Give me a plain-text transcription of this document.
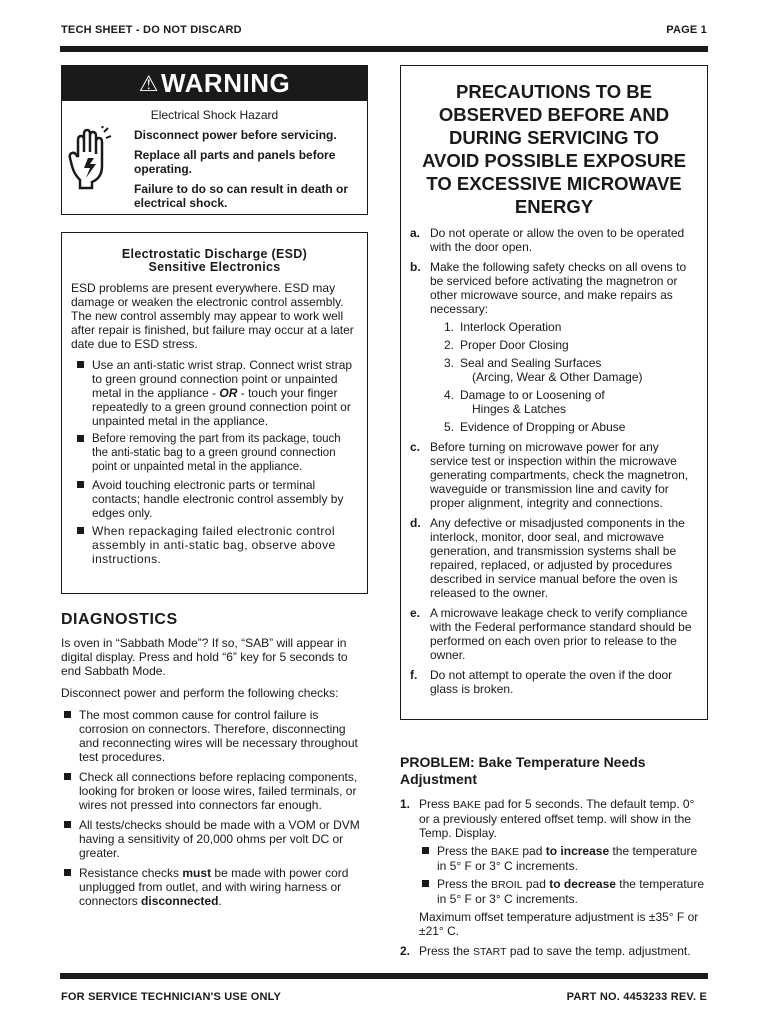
TECH SHEET - DO NOT DISCARD	PAGE 1
⚠ WARNING
Electrical Shock Hazard

Disconnect power before servicing.

Replace all parts and panels before operating.

Failure to do so can result in death or electrical shock.

Electrostatic Discharge (ESD)
Sensitive Electronics
ESD problems are present everywhere. ESD may damage or weaken the electronic control assembly. The new control assembly may appear to work well after repair is finished, but failure may occur at a later date due to ESD stress.
Use an anti-static wrist strap. Connect wrist strap to green ground connection point or unpainted metal in the appliance - OR - touch your finger repeatedly to a green ground connection point or unpainted metal in the appliance.
Before removing the part from its package, touch the anti-static bag to a green ground connection point or unpainted metal in the appliance.
Avoid touching electronic parts or terminal contacts; handle electronic control assembly by edges only.
When repackaging failed electronic control assembly in anti-static bag, observe above instructions.
DIAGNOSTICS

Is oven in “Sabbath Mode”? If so, “SAB” will appear in digital display. Press and hold “6” key for 5 seconds to end Sabbath Mode.

Disconnect power and perform the following checks:

The most common cause for control failure is corrosion on connectors. Therefore, disconnecting and reconnecting wires will be necessary throughout test procedures.
Check all connections before replacing components, looking for broken or loose wires, failed terminals, or wires not pressed into connectors far enough.
All tests/checks should be made with a VOM or DVM having a sensitivity of 20,000 ohms per volt DC or greater.
Resistance checks must be made with power cord unplugged from outlet, and with wiring harness or connectors disconnected.
PRECAUTIONS TO BE OBSERVED BEFORE AND DURING SERVICING TO AVOID POSSIBLE EXPOSURE TO EXCESSIVE MICROWAVE ENERGY
a. Do not operate or allow the oven to be operated with the door open.
b. Make the following safety checks on all ovens to be serviced before activating the magnetron or other microwave source, and make repairs as necessary:
1. Interlock Operation
2. Proper Door Closing
3. Seal and Sealing Surfaces
(Arcing, Wear & Other Damage)
4. Damage to or Loosening of
Hinges & Latches
5. Evidence of Dropping or Abuse
c. Before turning on microwave power for any service test or inspection within the microwave generating compartments, check the magnetron, waveguide or transmission line and cavity for proper alignment, integrity and connections.
d. Any defective or misadjusted components in the interlock, monitor, door seal, and microwave generation, and transmission systems shall be repaired, replaced, or adjusted by procedures described in service manual before the oven is released to the owner.
e. A microwave leakage check to verify compliance with the Federal performance standard should be performed on each oven prior to release to the owner.
f. Do not attempt to operate the oven if the door glass is broken.
PROBLEM: Bake Temperature Needs Adjustment
1. Press BAKE pad for 5 seconds. The default temp. 0° or a previously entered offset temp. will show in the Temp. Display.
Press the BAKE pad to increase the temperature in 5° F or 3° C increments.
Press the BROIL pad to decrease the temperature in 5° F or 3° C increments.
Maximum offset temperature adjustment is ±35° F or ±21° C.
2. Press the START pad to save the temp. adjustment.
FOR SERVICE TECHNICIAN'S USE ONLY	PART NO. 4453233 REV. E
